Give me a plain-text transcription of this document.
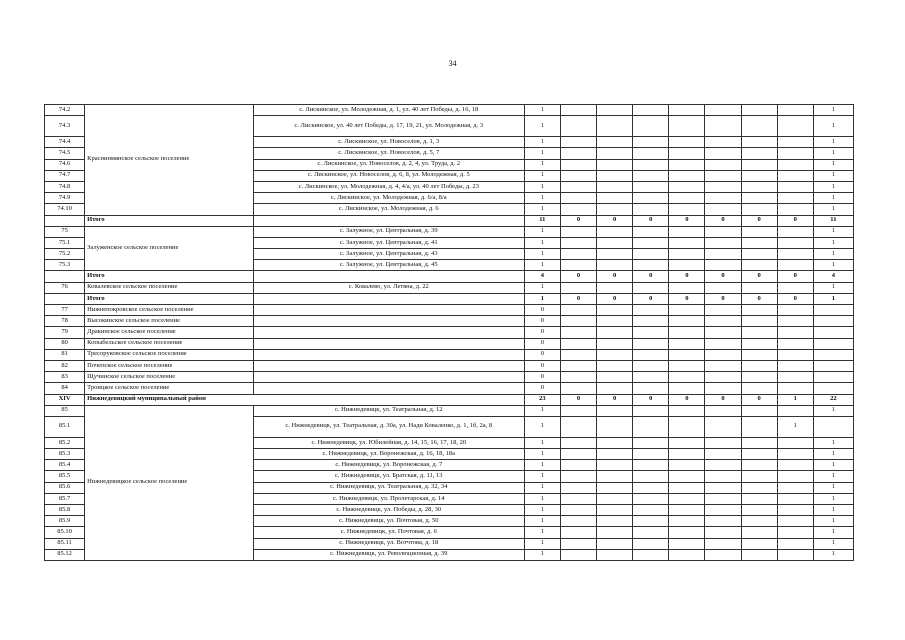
34
74.2	Краснинмянское сельское поселение	с. Лискинское, ул. Молодежная, д. 1, ул. 40 лет Победы, д. 16, 18	1								1
74.3		с. Лискинское, ул. 40 лет Победы, д. 17, 19, 21, ул. Молодежная, д. 3	1								1
74.4		с. Лискинское, ул. Новоселов, д. 1, 3	1								1
74.5		с. Лискинское, ул. Новоселов, д. 5, 7	1								1
74.6		с. Лискинское, ул. Новоселов, д. 2, 4, ул. Труда, д. 2	1								1
74.7		с. Лискинское, ул. Новоселов, д. 6, 8, ул. Молодежная, д. 5	1								1
74.8		с. Лискинское, ул. Молодежная, д. 4, 4/а, ул. 40 лет Победы, д. 23	1								1
74.9		с. Лискинское, ул. Молодежная, д. 6/а, 8/а	1								1
74.10		с. Лискинское, ул. Молодежная, д. 6	1								1
	Итого		11	0	0	0	0	0	0	0	11
75	Залуженское сельское поселение	с. Залужное, ул. Центральная, д. 39	1								1
75.1		с. Залужное, ул. Центральная, д. 41	1								1
75.2		с. Залужное, ул. Центральная, д. 43	1								1
75.3		с. Залужное, ул. Центральная, д. 45	1								1
	Итого		4	0	0	0	0	0	0	0	4
76	Ковалевское сельское поселение	с. Ковалево, ул. Летяна, д. 22	1								1
	Итого		1	0	0	0	0	0	0	0	1
77	Нижнепокровское сельское поселение		0								
78	Высокинское сельское поселение		0								
79	Дракинское сельское поселение		0								
80	Копыбельское сельское поселение		0								
81	Тресоруковское сельское поселение		0								
82	Почепское сельское поселение		0								
83	Щучинское сельское поселение		0								
84	Троицкое сельское поселение		0								
XIV	Нижнедевицкий муниципальный район		23	0	0	0	0	0	0	1	22
85	Нижнедевицкое сельское поселение	с. Нижнедевицк, ул. Театральная, д. 12	1								1
85.1		с. Нижнедевицк, ул. Театральная, д. 30а, ул. Нади Коваленко, д. 1, 1б, 2а, 8	1							1	
85.2		с. Нижнедевицк, ул. Юбилейная, д. 14, 15, 16, 17, 18, 20	1								1
85.3		с. Нижнедевицк, ул. Воронежская, д. 16, 18, 18а	1								1
85.4		с. Нижнедевицк, ул. Воронежская, д. 7	1								1
85.5		с. Нижнедевицк, ул. Братская, д. 11, 13	1								1
85.6		с. Нижнедевицк, ул. Театральная, д. 32, 34	1								1
85.7		с. Нижнедевицк, ул. Пролетарская, д. 14	1								1
85.8		с. Нижнедевицк, ул. Победы, д. 28, 30	1								1
85.9		с. Нижнедевицк, ул. Почтовая, д. 50	1								1
85.10		с. Нижнедевицк, ул. Почтовая, д. 6	1								1
85.11		с. Нижнедевицк, ул. Вотчтова, д. 18	1								1
85.12		с. Нижнедевицк, ул. Революционная, д. 39	1								1
